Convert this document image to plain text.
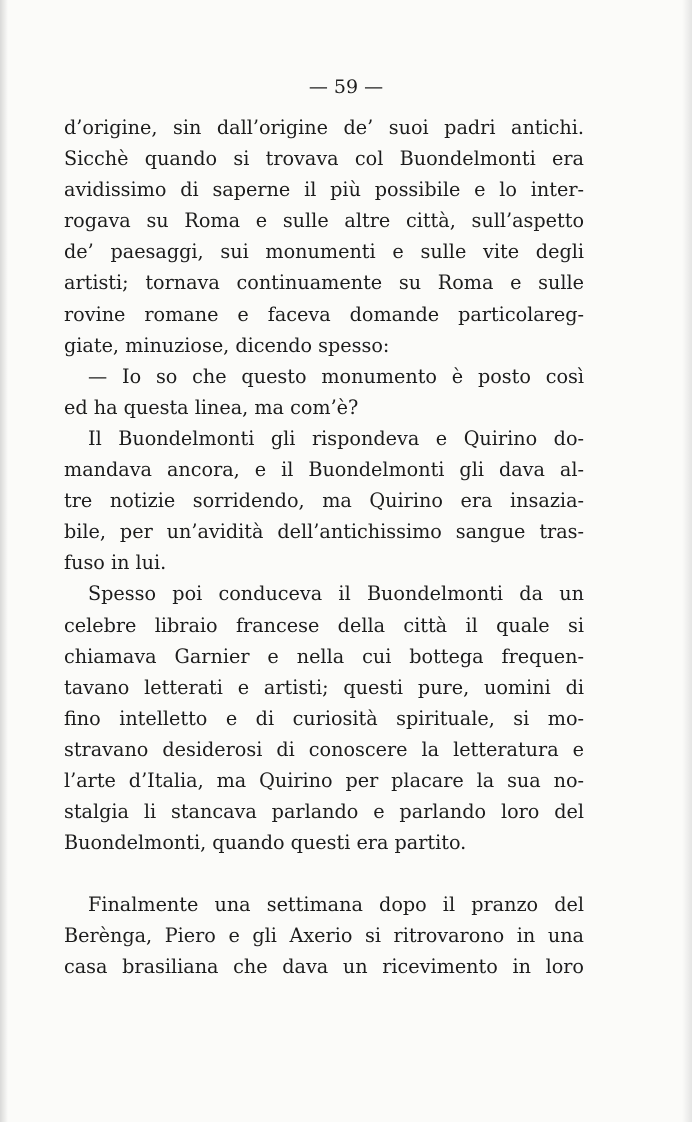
— 59 —
d’origine, sin dall’origine de’ suoi padri antichi.
Sicchè quando si trovava col Buondelmonti era
avidissimo di saperne il più possibile e lo inter-
rogava su Roma e sulle altre città, sull’aspetto
de’ paesaggi, sui monumenti e sulle vite degli
artisti; tornava continuamente su Roma e sulle
rovine romane e faceva domande particolareg-
giate, minuziose, dicendo spesso:
— Io so che questo monumento è posto così
ed ha questa linea, ma com’è?
Il Buondelmonti gli rispondeva e Quirino do-
mandava ancora, e il Buondelmonti gli dava al-
tre notizie sorridendo, ma Quirino era insazia-
bile, per un’avidità dell’antichissimo sangue tras-
fuso in lui.
Spesso poi conduceva il Buondelmonti da un
celebre libraio francese della città il quale si
chiamava Garnier e nella cui bottega frequen-
tavano letterati e artisti; questi pure, uomini di
fino intelletto e di curiosità spirituale, si mo-
stravano desiderosi di conoscere la letteratura e
l’arte d’Italia, ma Quirino per placare la sua no-
stalgia li stancava parlando e parlando loro del
Buondelmonti, quando questi era partito.
Finalmente una settimana dopo il pranzo del
Berènga, Piero e gli Axerio si ritrovarono in una
casa brasiliana che dava un ricevimento in loro
